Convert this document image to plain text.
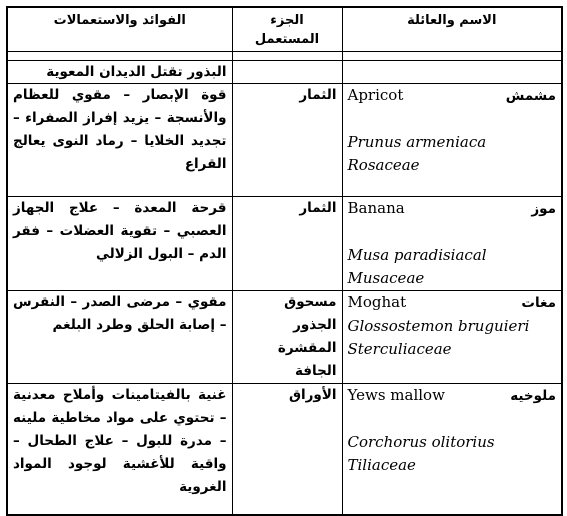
الفوائد والاستعمالات	الجزء المستعمل	الاسم والعائلة

البذور تقتل الديدان المعوية		
قوة الإبصار – مقوي للعظام والأنسجة – يزيد إفراز الصفراء – تجديد الخلايا – رماد النوى يعالج القراع	الثمار	Apricot مشمش
Prunus armeniaca
Rosaceae

قرحة المعدة – علاج الجهاز العصبي – تقوية العضلات – فقر الدم – البول الزلالي	الثمار	Banana موز
Musa paradisiacal
Musaceae

مقوي – مرضى الصدر – النقرس – إصابة الحلق وطرد البلغم	مسحوق الجذور المقشرة الجافة	Moghat مغات
Glossostemon bruguieri
Sterculiaceae

غنية بالفيتامينات وأملاح معدنية – تحتوي على مواد مخاطية ملينه – مدرة للبول – علاج الطحال – واقية للأغشية لوجود المواد الغروية	الأوراق	Yews mallow ملوخيه
Corchorus olitorius
Tiliaceae
